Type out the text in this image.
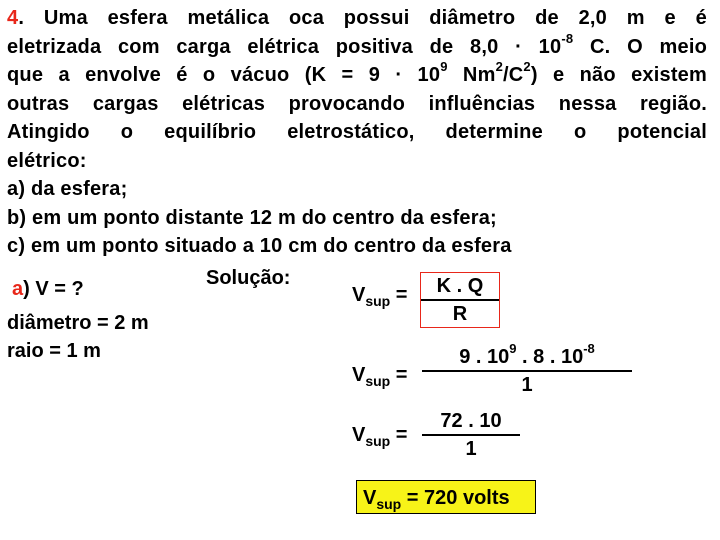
4. Uma esfera metálica oca possui diâmetro de 2,0 m e é
eletrizada com carga elétrica positiva de $8,0 \cdot 10^{-8}$ C. O meio
que a envolve é o vácuo ($K = 9 \cdot 10^9$ $Nm^2/C^2$) e não existem
outras cargas elétricas provocando influências nessa região.
Atingido o equilíbrio eletrostático, determine o potencial
elétrico:
a) da esfera;
b) em um ponto distante 12 m do centro da esfera;
c) em um ponto situado a 10 cm do centro da esfera
Solução:
a) V = ?
diâmetro = 2 m
raio = 1 m
$V_{sup} = \frac{K . Q}{R}$
$V_{sup} = \frac{9 . 10^9 . 8 . 10^{-8}}{1}$
$V_{sup} = \frac{72 . 10}{1}$
$V_{sup} = 720$ volts
